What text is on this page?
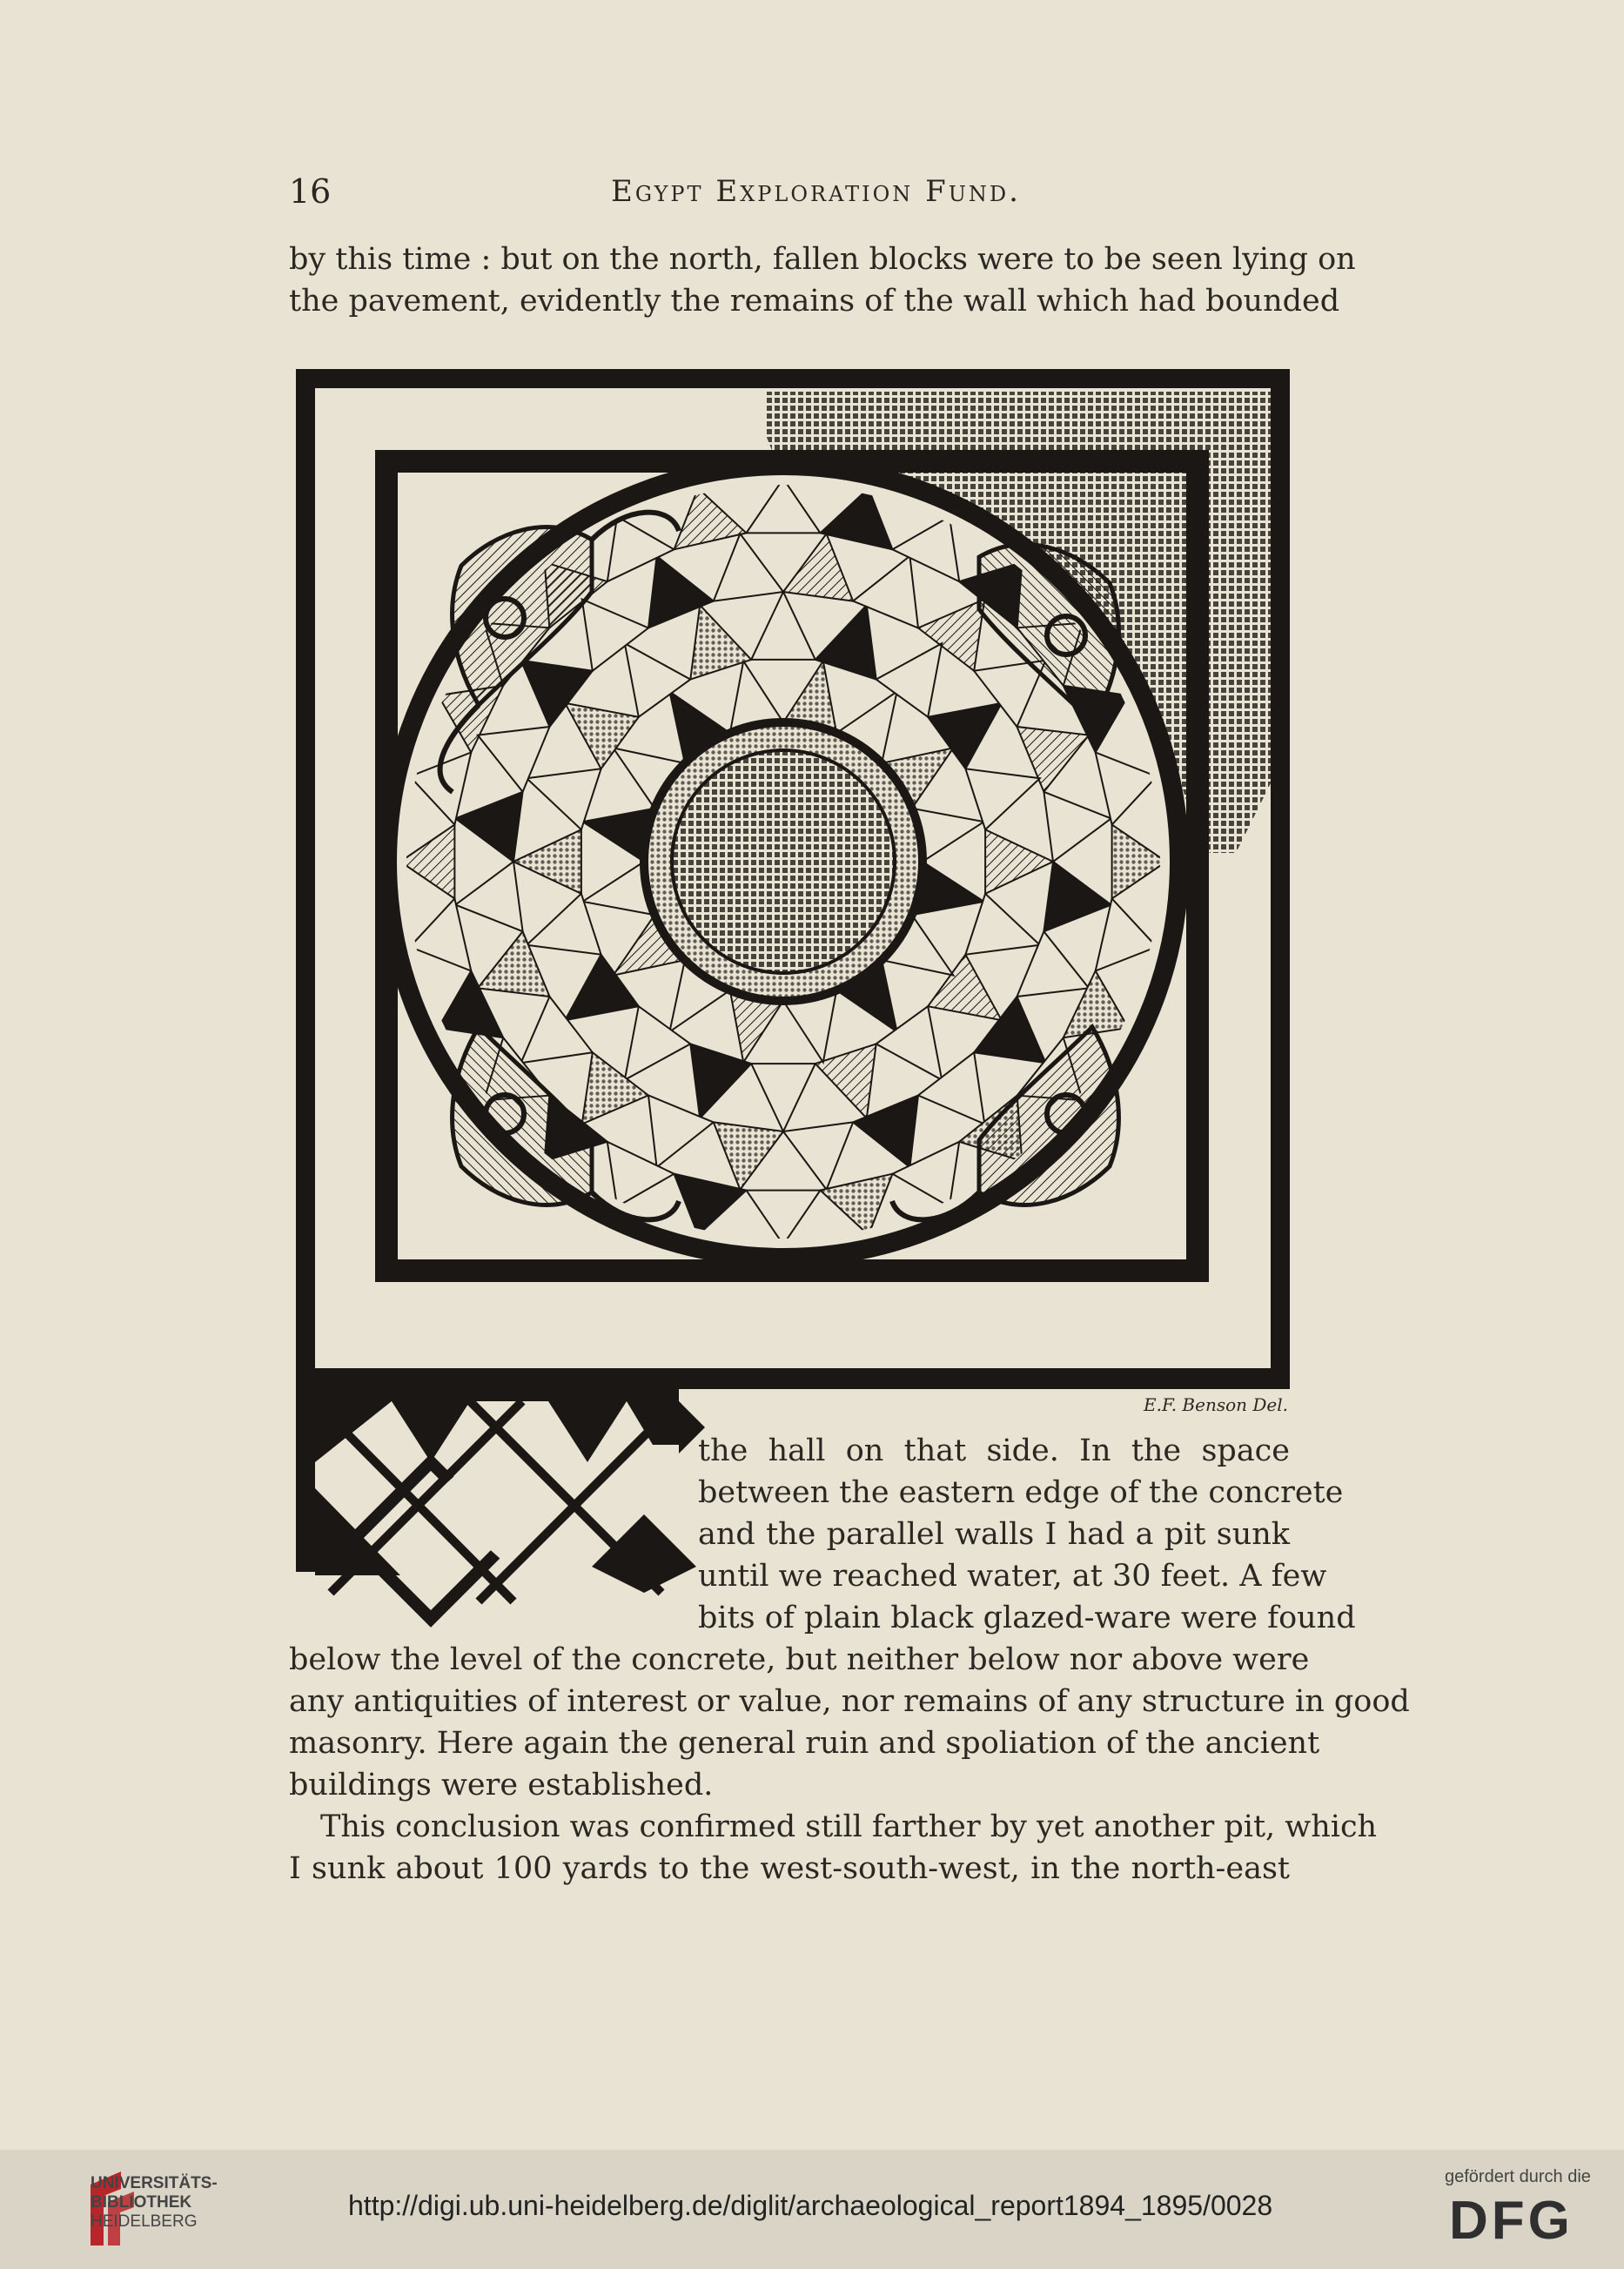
16	Egypt Exploration Fund.
by this time : but on the north, fallen blocks were to be seen lying on
the pavement, evidently the remains of the wall which had bounded
E.F. Benson Del.
the hall on that side. In the space
between the eastern edge of the concrete
and the parallel walls I had a pit sunk
until we reached water, at 30 feet. A few
bits of plain black glazed-ware were found
below the level of the concrete, but neither below nor above were
any antiquities of interest or value, nor remains of any structure in good
masonry. Here again the general ruin and spoliation of the ancient
buildings were established.
This conclusion was confirmed still farther by yet another pit, which
I sunk about 100 yards to the west-south-west, in the north-east
UNIVERSITÄTS-
BIBLIOTHEK
HEIDELBERG
http://digi.ub.uni-heidelberg.de/diglit/archaeological_report1894_1895/0028
gefördert durch die
DFG
